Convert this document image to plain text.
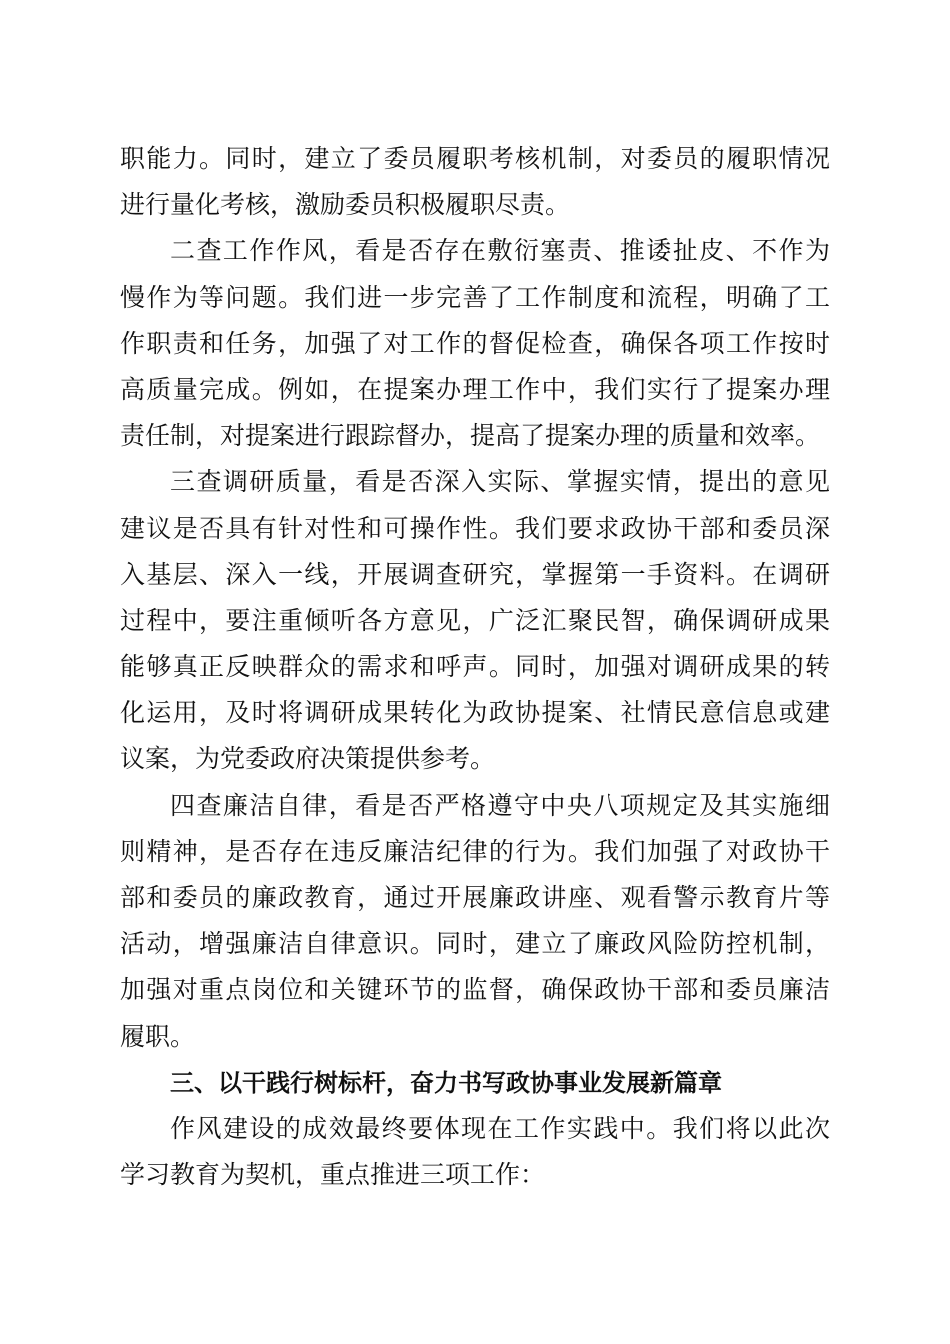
职能力。同时，建立了委员履职考核机制，对委员的履职情况
进行量化考核，激励委员积极履职尽责。
二查工作作风，看是否存在敷衍塞责、推诿扯皮、不作为
慢作为等问题。我们进一步完善了工作制度和流程，明确了工
作职责和任务，加强了对工作的督促检查，确保各项工作按时
高质量完成。例如，在提案办理工作中，我们实行了提案办理
责任制，对提案进行跟踪督办，提高了提案办理的质量和效率。
三查调研质量，看是否深入实际、掌握实情，提出的意见
建议是否具有针对性和可操作性。我们要求政协干部和委员深
入基层、深入一线，开展调查研究，掌握第一手资料。在调研
过程中，要注重倾听各方意见，广泛汇聚民智，确保调研成果
能够真正反映群众的需求和呼声。同时，加强对调研成果的转
化运用，及时将调研成果转化为政协提案、社情民意信息或建
议案，为党委政府决策提供参考。
四查廉洁自律，看是否严格遵守中央八项规定及其实施细
则精神，是否存在违反廉洁纪律的行为。我们加强了对政协干
部和委员的廉政教育，通过开展廉政讲座、观看警示教育片等
活动，增强廉洁自律意识。同时，建立了廉政风险防控机制，
加强对重点岗位和关键环节的监督，确保政协干部和委员廉洁
履职。
三、以干践行树标杆，奋力书写政协事业发展新篇章
作风建设的成效最终要体现在工作实践中。我们将以此次
学习教育为契机，重点推进三项工作：
